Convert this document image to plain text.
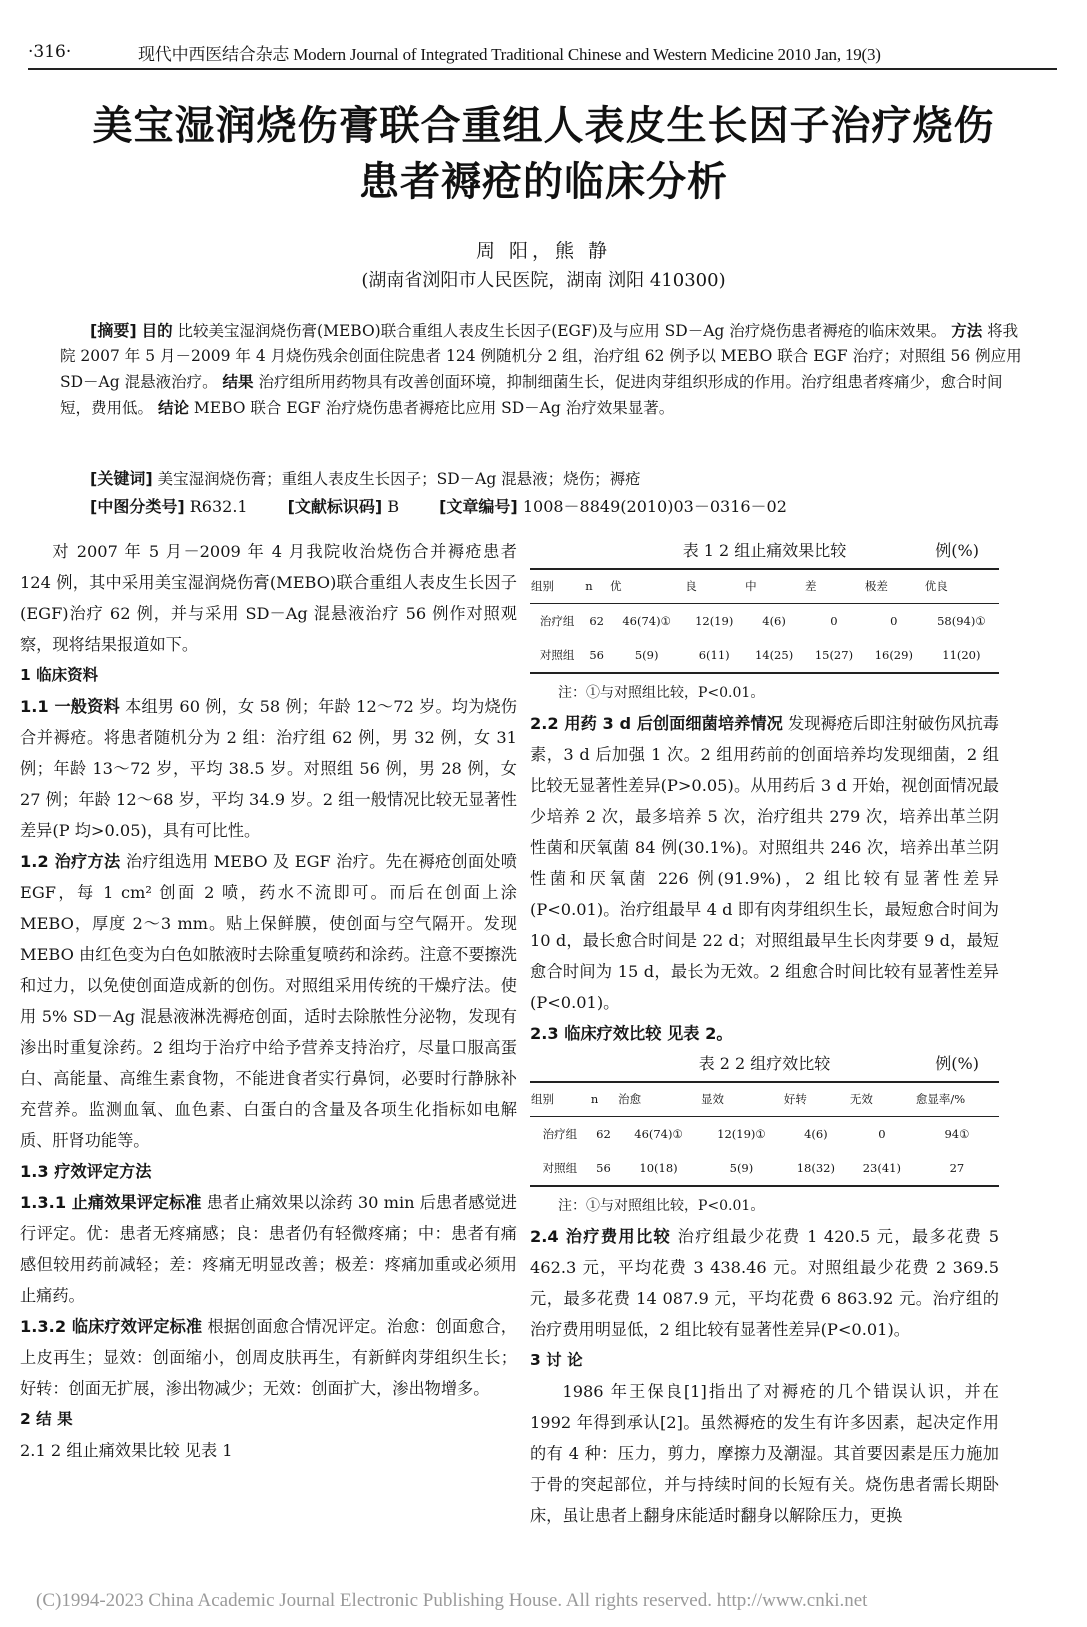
·316·	现代中西医结合杂志 Modern Journal of Integrated Traditional Chinese and Western Medicine 2010 Jan, 19(3)
美宝湿润烧伤膏联合重组人表皮生长因子治疗烧伤
患者褥疮的临床分析
周 阳，熊 静
(湖南省浏阳市人民医院，湖南 浏阳 410300)
[摘要] 目的 比较美宝湿润烧伤膏(MEBO)联合重组人表皮生长因子(EGF)及与应用 SD－Ag 治疗烧伤患者褥疮的临床效果。 方法 将我院 2007 年 5 月－2009 年 4 月烧伤残余创面住院患者 124 例随机分 2 组，治疗组 62 例予以 MEBO 联合 EGF 治疗；对照组 56 例应用 SD－Ag 混悬液治疗。 结果 治疗组所用药物具有改善创面环境，抑制细菌生长，促进肉芽组织形成的作用。治疗组患者疼痛少，愈合时间短，费用低。 结论 MEBO 联合 EGF 治疗烧伤患者褥疮比应用 SD－Ag 治疗效果显著。
[关键词] 美宝湿润烧伤膏；重组人表皮生长因子；SD－Ag 混悬液；烧伤；褥疮
[中图分类号] R632.1	[文献标识码] B	[文章编号] 1008－8849(2010)03－0316－02

对 2007 年 5 月－2009 年 4 月我院收治烧伤合并褥疮患者 124 例，其中采用美宝湿润烧伤膏(MEBO)联合重组人表皮生长因子(EGF)治疗 62 例，并与采用 SD－Ag 混悬液治疗 56 例作对照观察，现将结果报道如下。

1 临床资料

1.1 一般资料 本组男 60 例，女 58 例；年龄 12～72 岁。均为烧伤合并褥疮。将患者随机分为 2 组：治疗组 62 例，男 32 例，女 31 例；年龄 13～72 岁，平均 38.5 岁。对照组 56 例，男 28 例，女 27 例；年龄 12～68 岁，平均 34.9 岁。2 组一般情况比较无显著性差异(P 均>0.05)，具有可比性。

1.2 治疗方法 治疗组选用 MEBO 及 EGF 治疗。先在褥疮创面处喷 EGF，每 1 cm² 创面 2 喷，药水不流即可。而后在创面上涂 MEBO，厚度 2～3 mm。贴上保鲜膜，使创面与空气隔开。发现 MEBO 由红色变为白色如脓液时去除重复喷药和涂药。注意不要擦洗和过力，以免使创面造成新的创伤。对照组采用传统的干燥疗法。使用 5% SD－Ag 混悬液淋洗褥疮创面，适时去除脓性分泌物，发现有渗出时重复涂药。2 组均于治疗中给予营养支持治疗，尽量口服高蛋白、高能量、高维生素食物，不能进食者实行鼻饲，必要时行静脉补充营养。监测血氧、血色素、白蛋白的含量及各项生化指标如电解质、肝肾功能等。

1.3 疗效评定方法

1.3.1 止痛效果评定标准 患者止痛效果以涂药 30 min 后患者感觉进行评定。优：患者无疼痛感；良：患者仍有轻微疼痛；中：患者有痛感但较用药前减轻；差：疼痛无明显改善；极差：疼痛加重或必须用止痛药。

1.3.2 临床疗效评定标准 根据创面愈合情况评定。治愈：创面愈合，上皮再生；显效：创面缩小，创周皮肤再生，有新鲜肉芽组织生长；好转：创面无扩展，渗出物减少；无效：创面扩大，渗出物增多。

2 结 果

2.1 2 组止痛效果比较 见表 1

表 1 2 组止痛效果比较	例(%)
组别	n	优	良	中	差	极差	优良
治疗组	62	46(74)①	12(19)	4(6)	0	0	58(94)①
对照组	56	5(9)	6(11)	14(25)	15(27)	16(29)	11(20)
注：①与对照组比较，P<0.01。

2.2 用药 3 d 后创面细菌培养情况 发现褥疮后即注射破伤风抗毒素，3 d 后加强 1 次。2 组用药前的创面培养均发现细菌，2 组比较无显著性差异(P>0.05)。从用药后 3 d 开始，视创面情况最少培养 2 次，最多培养 5 次，治疗组共 279 次，培养出革兰阴性菌和厌氧菌 84 例(30.1%)。对照组共 246 次，培养出革兰阴性菌和厌氧菌 226 例(91.9%)，2 组比较有显著性差异(P<0.01)。治疗组最早 4 d 即有肉芽组织生长，最短愈合时间为 10 d，最长愈合时间是 22 d；对照组最早生长肉芽要 9 d，最短愈合时间为 15 d，最长为无效。2 组愈合时间比较有显著性差异(P<0.01)。

2.3 临床疗效比较 见表 2。

表 2 2 组疗效比较	例(%)
组别	n	治愈	显效	好转	无效	愈显率/%
治疗组	62	46(74)①	12(19)①	4(6)	0	94①
对照组	56	10(18)	5(9)	18(32)	23(41)	27
注：①与对照组比较，P<0.01。

2.4 治疗费用比较 治疗组最少花费 1 420.5 元，最多花费 5 462.3 元，平均花费 3 438.46 元。对照组最少花费 2 369.5 元，最多花费 14 087.9 元，平均花费 6 863.92 元。治疗组的治疗费用明显低，2 组比较有显著性差异(P<0.01)。

3 讨 论

1986 年王保良[1]指出了对褥疮的几个错误认识，并在 1992 年得到承认[2]。虽然褥疮的发生有许多因素，起决定作用的有 4 种：压力，剪力，摩擦力及潮湿。其首要因素是压力施加于骨的突起部位，并与持续时间的长短有关。烧伤患者需长期卧床，虽让患者上翻身床能适时翻身以解除压力，更换

(C)1994-2023 China Academic Journal Electronic Publishing House. All rights reserved. http://www.cnki.net
